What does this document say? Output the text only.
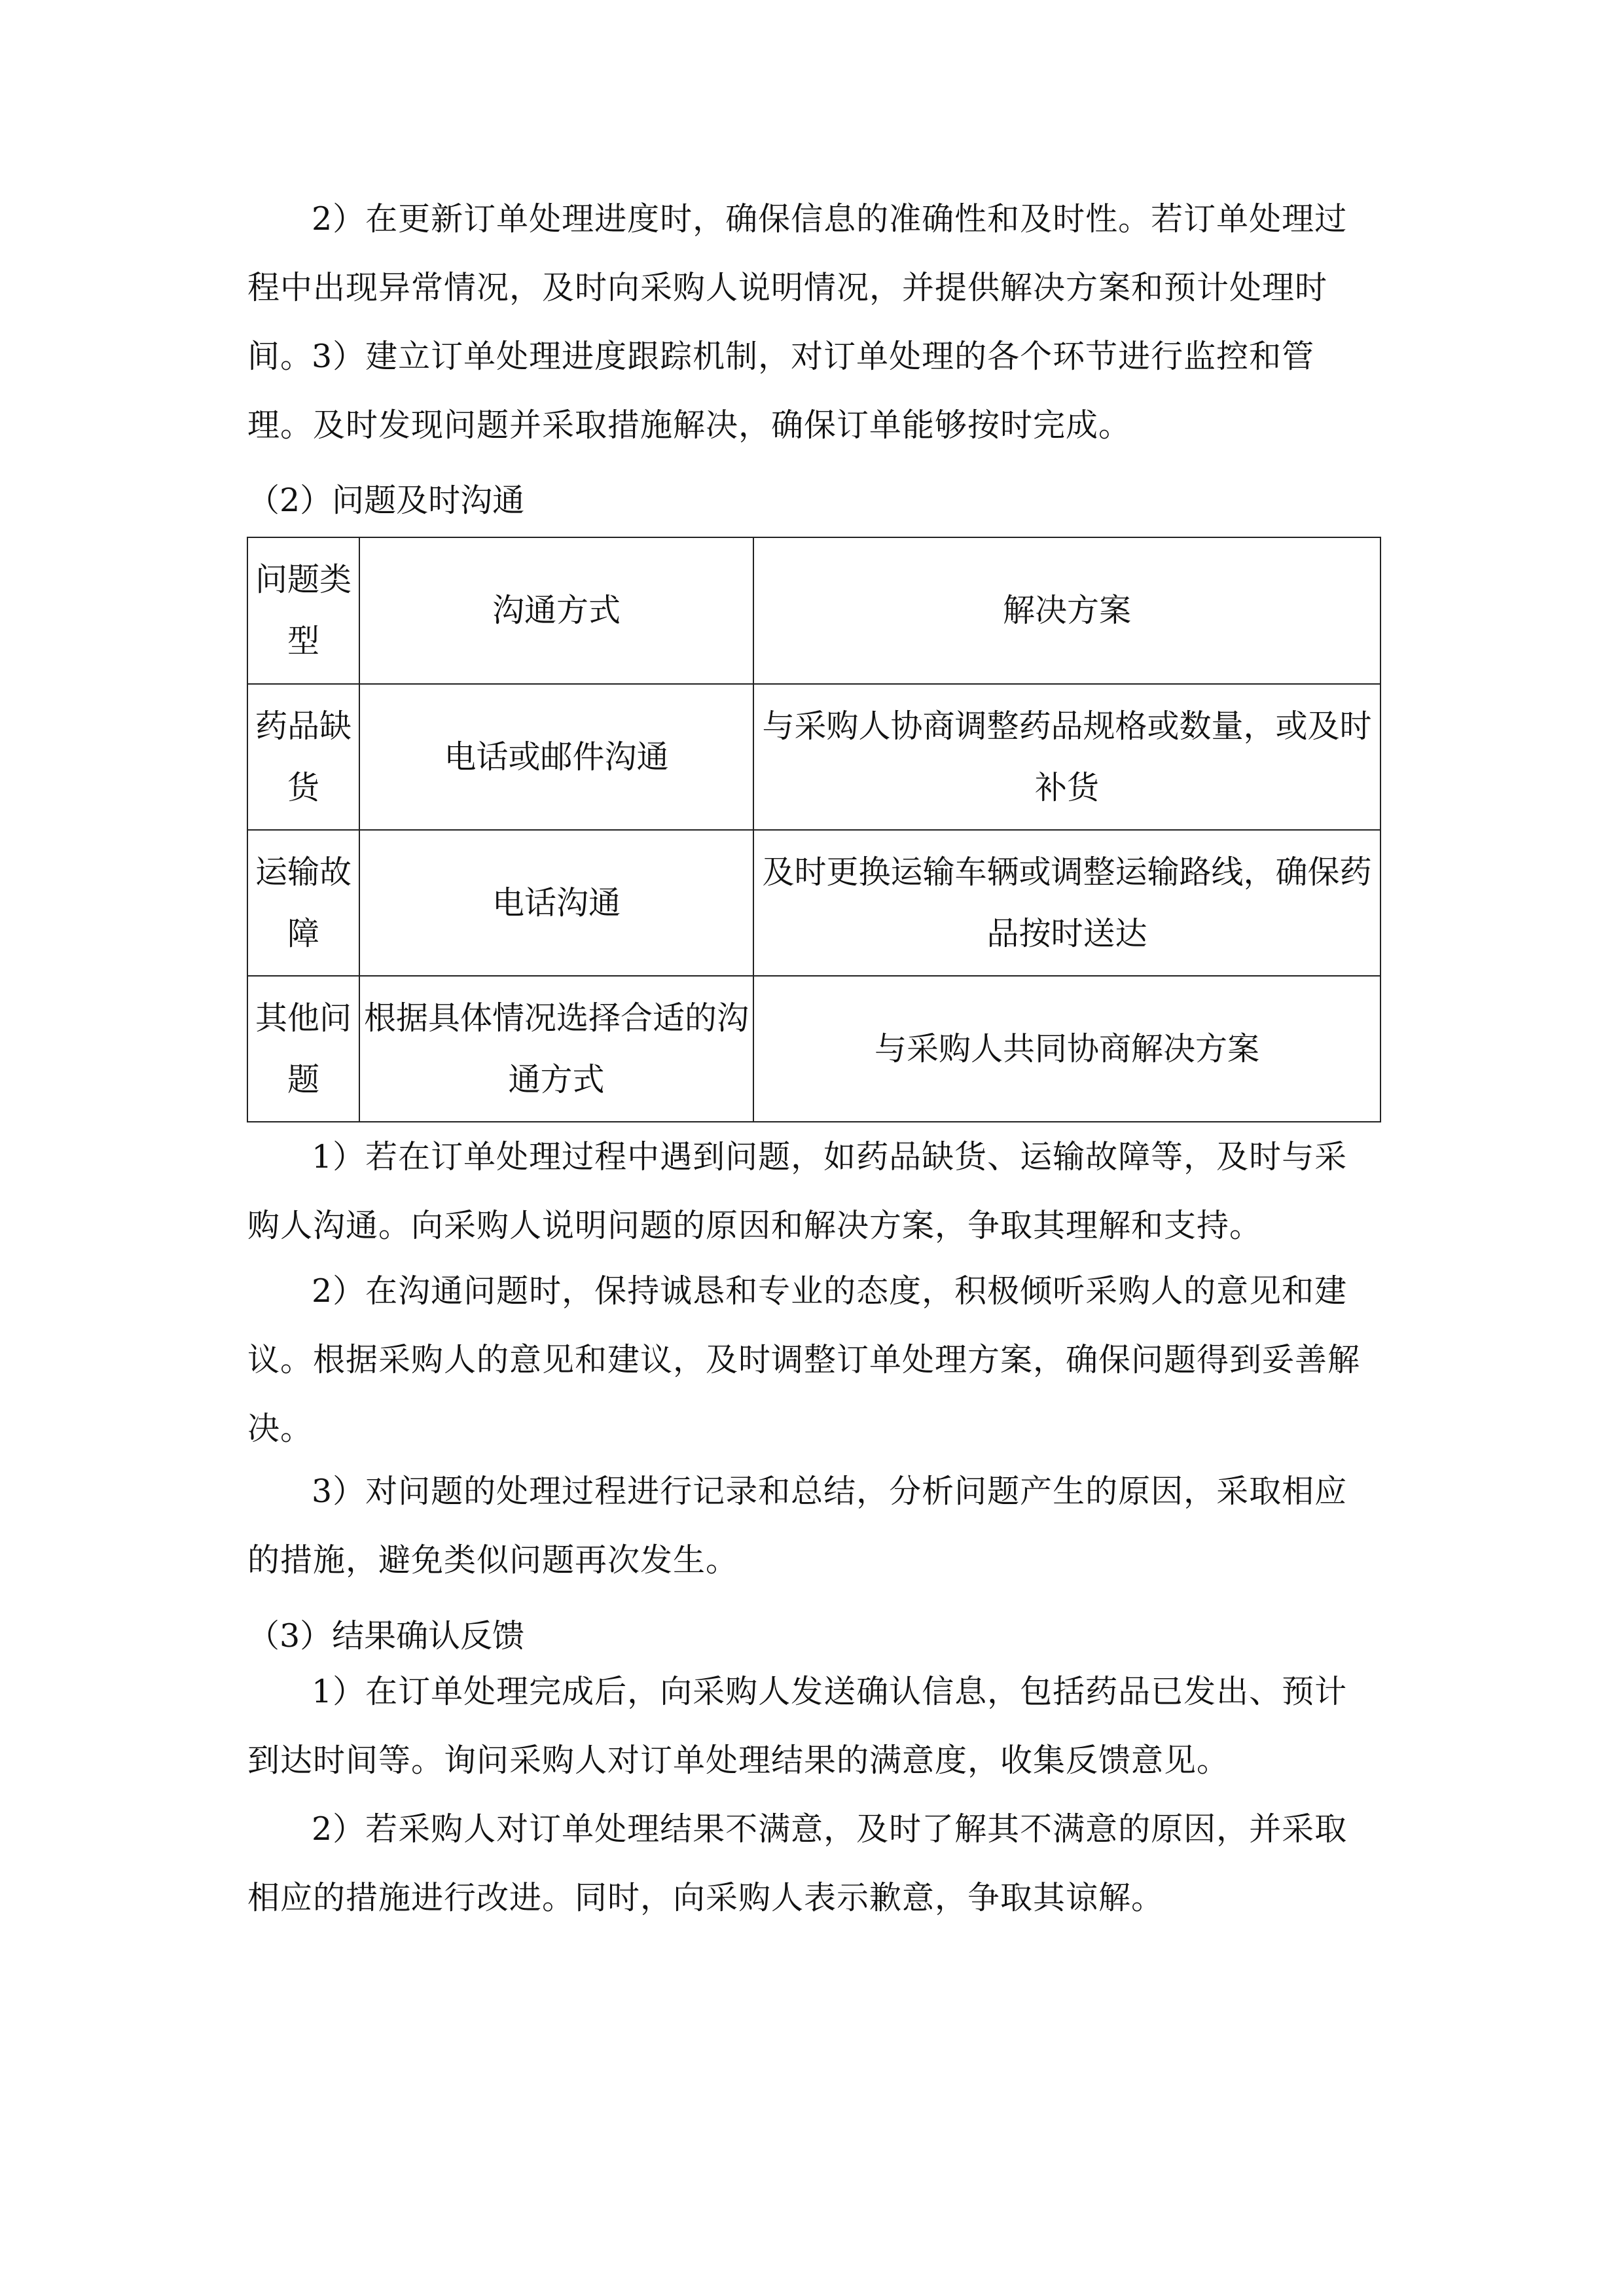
2）在更新订单处理进度时，确保信息的准确性和及时性。若订单处理过程中出现异常情况，及时向采购人说明情况，并提供解决方案和预计处理时间。

3）建立订单处理进度跟踪机制，对订单处理的各个环节进行监控和管理。及时发现问题并采取措施解决，确保订单能够按时完成。

（2）问题及时沟通

问题类型	沟通方式	解决方案
药品缺货	电话或邮件沟通	与采购人协商调整药品规格或数量，或及时补货
运输故障	电话沟通	及时更换运输车辆或调整运输路线，确保药品按时送达
其他问题	根据具体情况选择合适的沟通方式	与采购人共同协商解决方案

1）若在订单处理过程中遇到问题，如药品缺货、运输故障等，及时与采购人沟通。向采购人说明问题的原因和解决方案，争取其理解和支持。

2）在沟通问题时，保持诚恳和专业的态度，积极倾听采购人的意见和建议。根据采购人的意见和建议，及时调整订单处理方案，确保问题得到妥善解决。

3）对问题的处理过程进行记录和总结，分析问题产生的原因，采取相应的措施，避免类似问题再次发生。

（3）结果确认反馈

1）在订单处理完成后，向采购人发送确认信息，包括药品已发出、预计到达时间等。询问采购人对订单处理结果的满意度，收集反馈意见。

2）若采购人对订单处理结果不满意，及时了解其不满意的原因，并采取相应的措施进行改进。同时，向采购人表示歉意，争取其谅解。
